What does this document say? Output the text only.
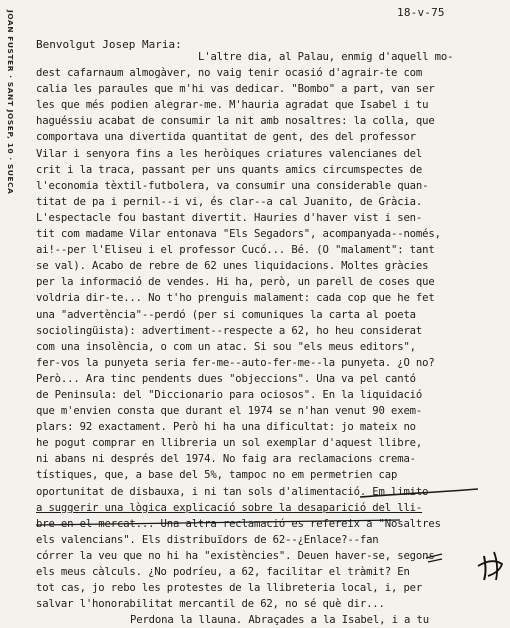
JOAN FUSTER · SANT JOSEP, 10 · SUECA	18-v-75
Benvolgut Josep Maria:
L'altre dia, al Palau, enmig d'aquell mo-
dest cafarnaum almogàver, no vaig tenir ocasió d'agrair-te com
calia les paraules que m'hi vas dedicar. "Bombo" a part, van ser
les que més podien alegrar-me. M'hauria agradat que Isabel i tu
haguéssiu acabat de consumir la nit amb nosaltres: la colla, que
comportava una divertida quantitat de gent, des del professor
Vilar i senyora fins a les heròiques criatures valencianes del
crit i la traca, passant per uns quants amics circumspectes de
l'economia tèxtil-futbolera, va consumir una considerable quan-
titat de pa i pernil--i vi, és clar--a cal Juanito, de Gràcia.
L'espectacle fou bastant divertit. Hauries d'haver vist i sen-
tit com madame Vilar entonava "Els Segadors", acompanyada--només,
ai!--per l'Eliseu i el professor Cucó... Bé. (O "malament": tant
se val). Acabo de rebre de 62 unes liquidacions. Moltes gràcies
per la informació de vendes. Hi ha, però, un parell de coses que
voldria dir-te... No t'ho prenguis malament: cada cop que he fet
una "advertència"--perdó (per si comuniques la carta al poeta
sociolingüista): advertiment--respecte a 62, ho heu considerat
com una insolència, o com un atac. Si sou "els meus editors",
fer-vos la punyeta seria fer-me--auto-fer-me--la punyeta. ¿O no?
Però... Ara tinc pendents dues "objeccions". Una va pel cantó
de Peninsula: del "Diccionario para ociosos". En la liquidació
que m'envien consta que durant el 1974 se n'han venut 90 exem-
plars: 92 exactament. Però hi ha una dificultat: jo mateix no
he pogut comprar en llibreria un sol exemplar d'aquest llibre,
ni abans ni després del 1974. No faig ara reclamacions crema-
tístiques, que, a base del 5%, tampoc no em permetrien cap
oportunitat de disbauxa, i ni tan sols d'alimentació. Em limito
a suggerir una lògica explicació sobre la desaparició del lli-
bre en el mercat... Una altra reclamació es refereix a "Nosaltres
els valencians". Els distribuïdors de 62--¿Enlace?--fan
córrer la veu que no hi ha "existències". Deuen haver-se, segons
els meus càlculs. ¿No podríeu, a 62, facilitar el tràmit? En
tot cas, jo rebo les protestes de la llibreteria local, i, per
salvar l'honorabilitat mercantil de 62, no sé què dir...
Perdona la llauna. Abraçades a la Isabel, i a tu
